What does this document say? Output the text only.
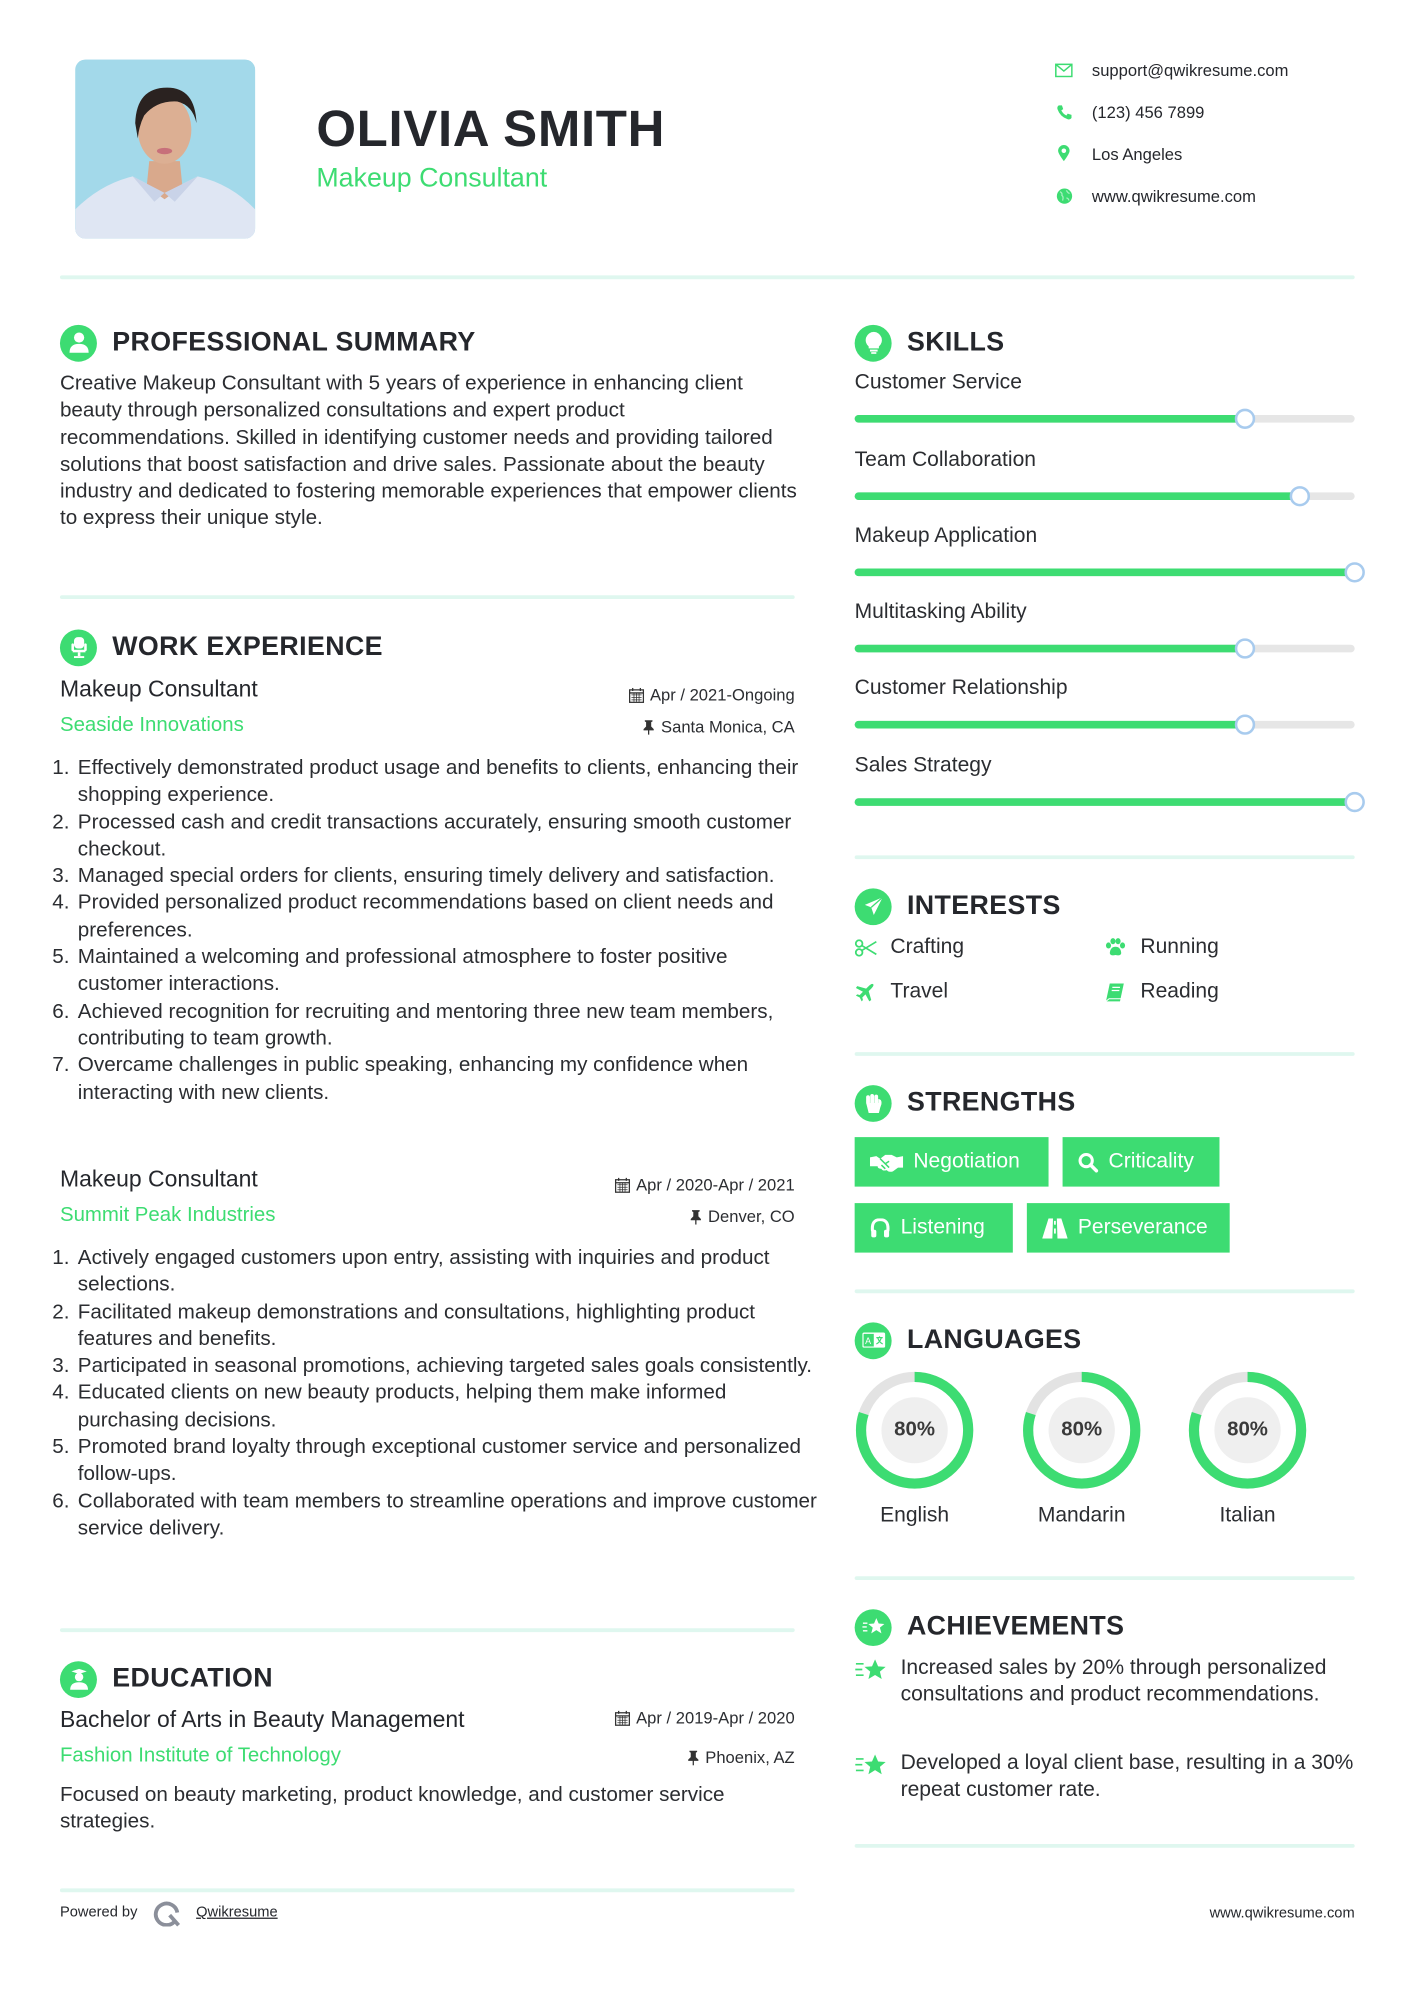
OLIVIA SMITH
Makeup Consultant
support@qwikresume.com
(123) 456 7899
Los Angeles
www.qwikresume.com
PROFESSIONAL SUMMARY
Creative Makeup Consultant with 5 years of experience in enhancing client beauty through personalized consultations and expert product recommendations. Skilled in identifying customer needs and providing tailored solutions that boost satisfaction and drive sales. Passionate about the beauty industry and dedicated to fostering memorable experiences that empower clients to express their unique style.
WORK EXPERIENCE
Makeup Consultant	Apr / 2021-Ongoing
Seaside Innovations	Santa Monica, CA
1. Effectively demonstrated product usage and benefits to clients, enhancing their shopping experience.
2. Processed cash and credit transactions accurately, ensuring smooth customer checkout.
3. Managed special orders for clients, ensuring timely delivery and satisfaction.
4. Provided personalized product recommendations based on client needs and preferences.
5. Maintained a welcoming and professional atmosphere to foster positive customer interactions.
6. Achieved recognition for recruiting and mentoring three new team members, contributing to team growth.
7. Overcame challenges in public speaking, enhancing my confidence when interacting with new clients.
Makeup Consultant	Apr / 2020-Apr / 2021
Summit Peak Industries	Denver, CO
1. Actively engaged customers upon entry, assisting with inquiries and product selections.
2. Facilitated makeup demonstrations and consultations, highlighting product features and benefits.
3. Participated in seasonal promotions, achieving targeted sales goals consistently.
4. Educated clients on new beauty products, helping them make informed purchasing decisions.
5. Promoted brand loyalty through exceptional customer service and personalized follow-ups.
6. Collaborated with team members to streamline operations and improve customer service delivery.
EDUCATION
Bachelor of Arts in Beauty Management	Apr / 2019-Apr / 2020
Fashion Institute of Technology	Phoenix, AZ
Focused on beauty marketing, product knowledge, and customer service strategies.
SKILLS
Customer Service
Team Collaboration
Makeup Application
Multitasking Ability
Customer Relationship
Sales Strategy
INTERESTS
Crafting	Running
Travel	Reading
STRENGTHS
Negotiation	Criticality
Listening	Perseverance
A LANGUAGES
80%
English
80%
Mandarin
80%
Italian
ACHIEVEMENTS
Increased sales by 20% through personalized consultations and product recommendations.
Developed a loyal client base, resulting in a 30% repeat customer rate.
Powered by	Qwikresume	www.qwikresume.com
